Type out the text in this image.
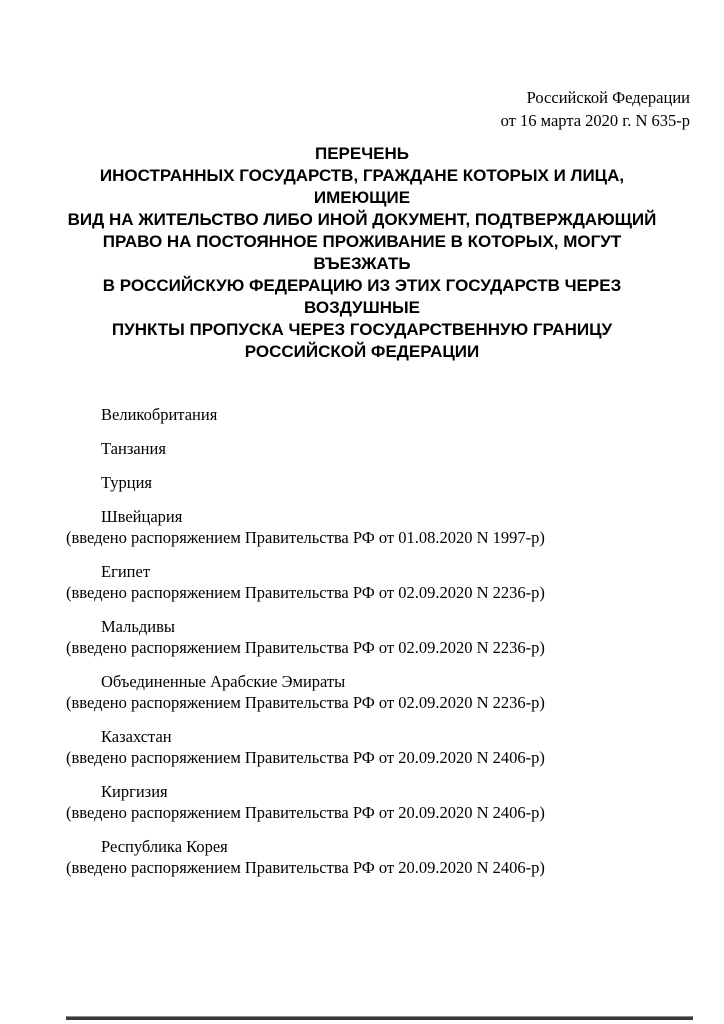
Российской Федерации
от 16 марта 2020 г. N 635-р
ПЕРЕЧЕНЬ
ИНОСТРАННЫХ ГОСУДАРСТВ, ГРАЖДАНЕ КОТОРЫХ И ЛИЦА,
ИМЕЮЩИЕ
ВИД НА ЖИТЕЛЬСТВО ЛИБО ИНОЙ ДОКУМЕНТ, ПОДТВЕРЖДАЮЩИЙ
ПРАВО НА ПОСТОЯННОЕ ПРОЖИВАНИЕ В КОТОРЫХ, МОГУТ
ВЪЕЗЖАТЬ
В РОССИЙСКУЮ ФЕДЕРАЦИЮ ИЗ ЭТИХ ГОСУДАРСТВ ЧЕРЕЗ
ВОЗДУШНЫЕ
ПУНКТЫ ПРОПУСКА ЧЕРЕЗ ГОСУДАРСТВЕННУЮ ГРАНИЦУ
РОССИЙСКОЙ ФЕДЕРАЦИИ
Великобритания
Танзания
Турция
Швейцария
(введено распоряжением Правительства РФ от 01.08.2020 N 1997-р)
Египет
(введено распоряжением Правительства РФ от 02.09.2020 N 2236-р)
Мальдивы
(введено распоряжением Правительства РФ от 02.09.2020 N 2236-р)
Объединенные Арабские Эмираты
(введено распоряжением Правительства РФ от 02.09.2020 N 2236-р)
Казахстан
(введено распоряжением Правительства РФ от 20.09.2020 N 2406-р)
Киргизия
(введено распоряжением Правительства РФ от 20.09.2020 N 2406-р)
Республика Корея
(введено распоряжением Правительства РФ от 20.09.2020 N 2406-р)
